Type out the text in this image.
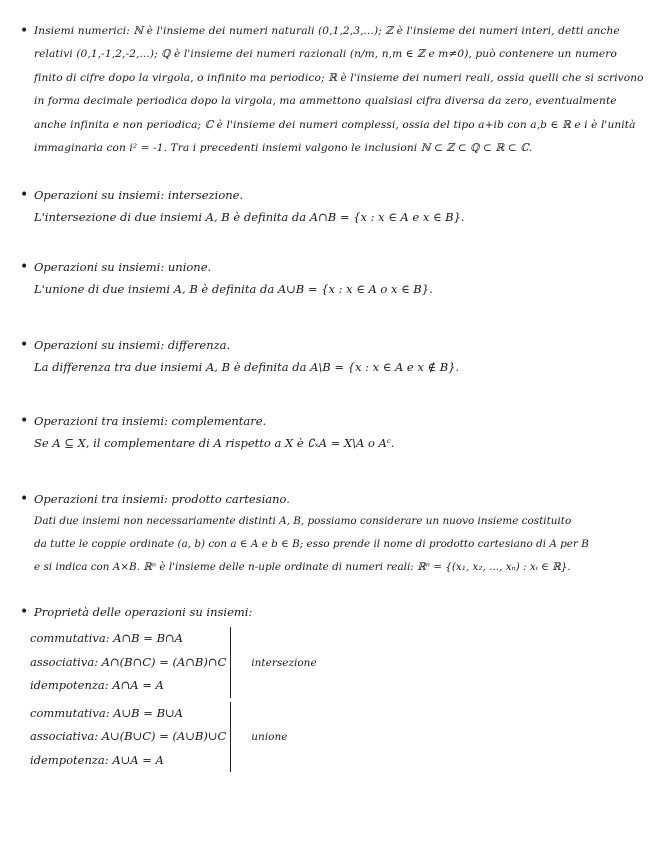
• Insiemi numerici: ℕ è l'insieme dei numeri naturali (0,1,2,3,...); ℤ è l'insieme dei numeri interi, detti anche relativi (0,1,-1,2,-2,...); ℚ è l'insieme dei numeri razionali (n/m, n,m ∈ ℤ e m≠0), può contenere un numero finito di cifre dopo la virgola, o infinito ma periodico; ℝ è l'insieme dei numeri reali, ossia quelli che si scrivono in forma decimale periodica dopo la virgola, ma ammettono qualsiasi cifra diversa da zero, eventualmente anche infinita e non periodica; ℂ è l'insieme dei numeri complessi, ossia del tipo a+ib con a,b ∈ ℝ e i è l'unità immaginaria con i² = -1. Tra i precedenti insiemi valgono le inclusioni ℕ ⊂ ℤ ⊂ ℚ ⊂ ℝ ⊂ ℂ.
• Operazioni su insiemi: intersezione.
L'intersezione di due insiemi A, B è definita da A∩B = {x : x ∈ A e x ∈ B}.
• Operazioni su insiemi: unione.
L'unione di due insiemi A, B è definita da A∪B = {x : x ∈ A o x ∈ B}.
• Operazioni su insiemi: differenza.
La differenza tra due insiemi A, B è definita da A\B = {x : x ∈ A e x ∉ B}.
• Operazioni tra insiemi: complementare.
Se A ⊆ X, il complementare di A rispetto a X è ∁ₓA = X\A o Aᶜ.
• Operazioni tra insiemi: prodotto cartesiano.
Dati due insiemi non necessariamente distinti A, B, possiamo considerare un nuovo insieme costituito
da tutte le coppie ordinate (a, b) con a ∈ A e b ∈ B; esso prende il nome di prodotto cartesiano di A per B
e si indica con A×B. ℝⁿ è l'insieme delle n-uple ordinate di numeri reali: ℝⁿ = {(x₁, x₂, ..., xₙ) : xᵢ ∈ ℝ}.
• Proprietà delle operazioni su insiemi:
commutativa: A∩B = B∩A
associativa: A∩(B∩C) = (A∩B)∩C
idempotenza: A∩A = A
intersezione
commutativa: A∪B = B∪A
associativa: A∪(B∪C) = (A∪B)∪C
idempotenza: A∪A = A
unione
